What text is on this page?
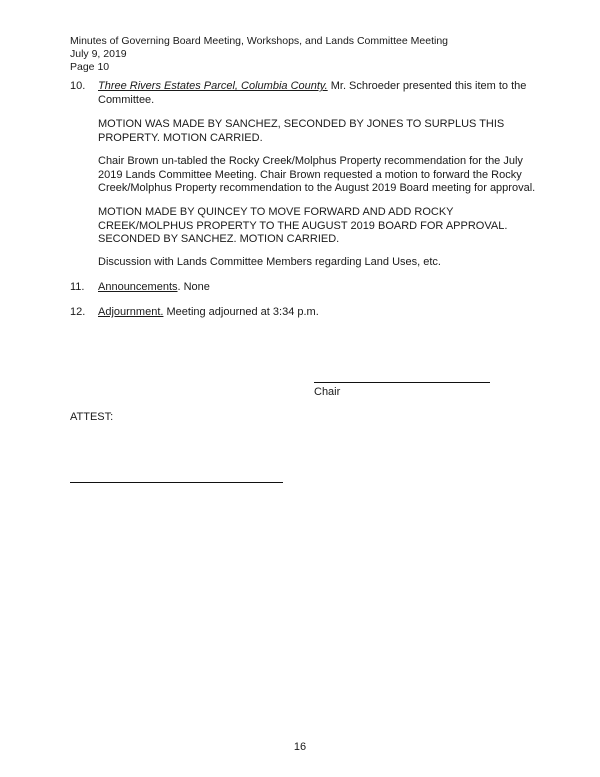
Minutes of Governing Board Meeting, Workshops, and Lands Committee Meeting
July 9, 2019
Page 10
10. Three Rivers Estates Parcel, Columbia County. Mr. Schroeder presented this item to the Committee.
MOTION WAS MADE BY SANCHEZ, SECONDED BY JONES TO SURPLUS THIS PROPERTY. MOTION CARRIED.
Chair Brown un-tabled the Rocky Creek/Molphus Property recommendation for the July 2019 Lands Committee Meeting. Chair Brown requested a motion to forward the Rocky Creek/Molphus Property recommendation to the August 2019 Board meeting for approval.
MOTION MADE BY QUINCEY TO MOVE FORWARD AND ADD ROCKY CREEK/MOLPHUS PROPERTY TO THE AUGUST 2019 BOARD FOR APPROVAL. SECONDED BY SANCHEZ. MOTION CARRIED.
Discussion with Lands Committee Members regarding Land Uses, etc.
11. Announcements. None
12. Adjournment. Meeting adjourned at 3:34 p.m.
Chair
ATTEST:
16
